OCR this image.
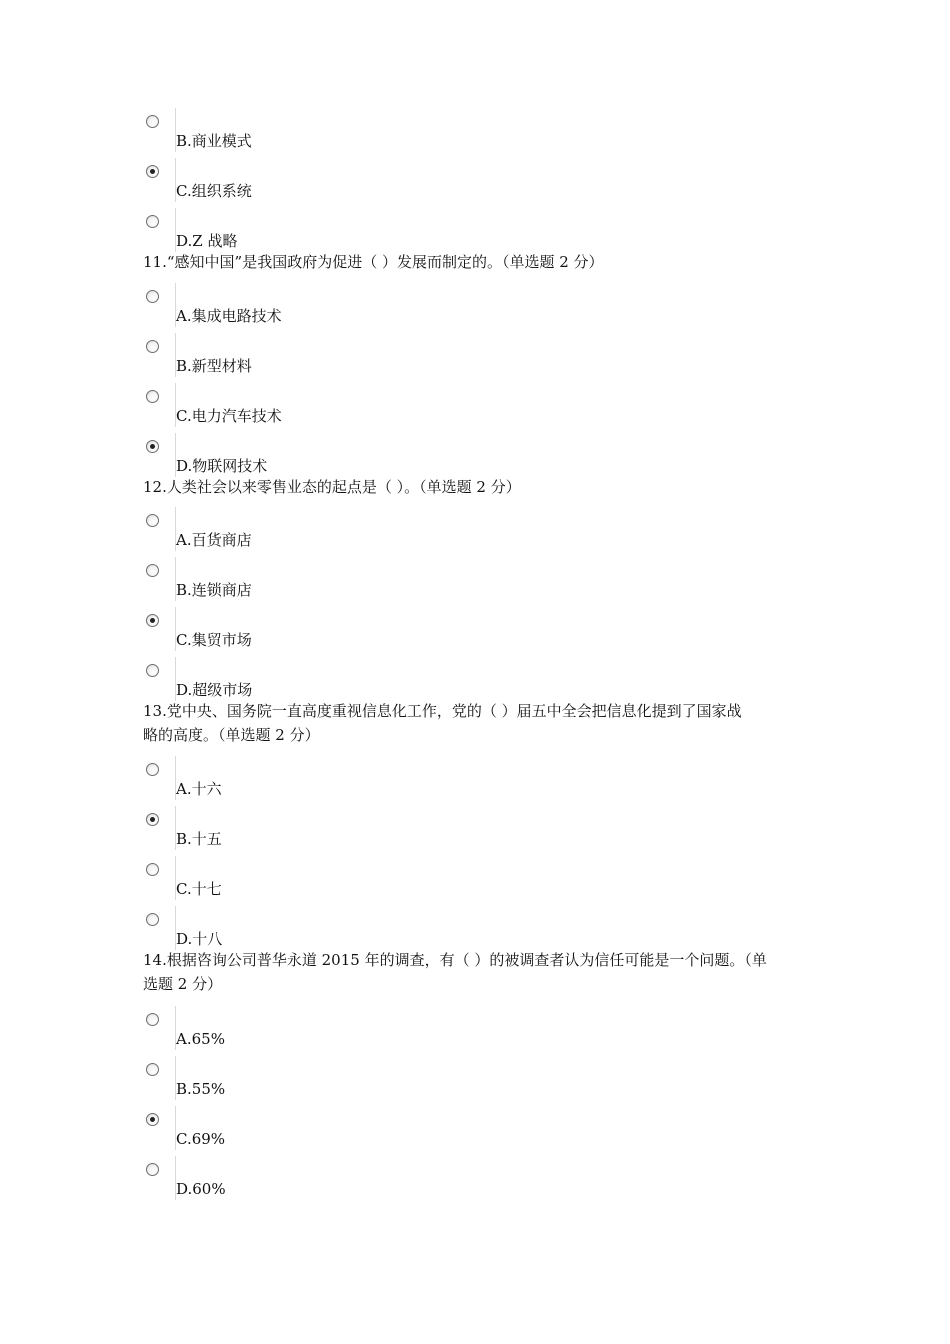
B.商业模式
C.组织系统
D.Z 战略
11.“感知中国”是我国政府为促进（ ）发展而制定的。（单选题 2 分）
A.集成电路技术
B.新型材料
C.电力汽车技术
D.物联网技术
12.人类社会以来零售业态的起点是（ ）。（单选题 2 分）
A.百货商店
B.连锁商店
C.集贸市场
D.超级市场
13.党中央、国务院一直高度重视信息化工作，党的（ ）届五中全会把信息化提到了国家战
略的高度。（单选题 2 分）
A.十六
B.十五
C.十七
D.十八
14.根据咨询公司普华永道 2015 年的调查，有（ ）的被调查者认为信任可能是一个问题。（单
选题 2 分）
A.65%
B.55%
C.69%
D.60%
